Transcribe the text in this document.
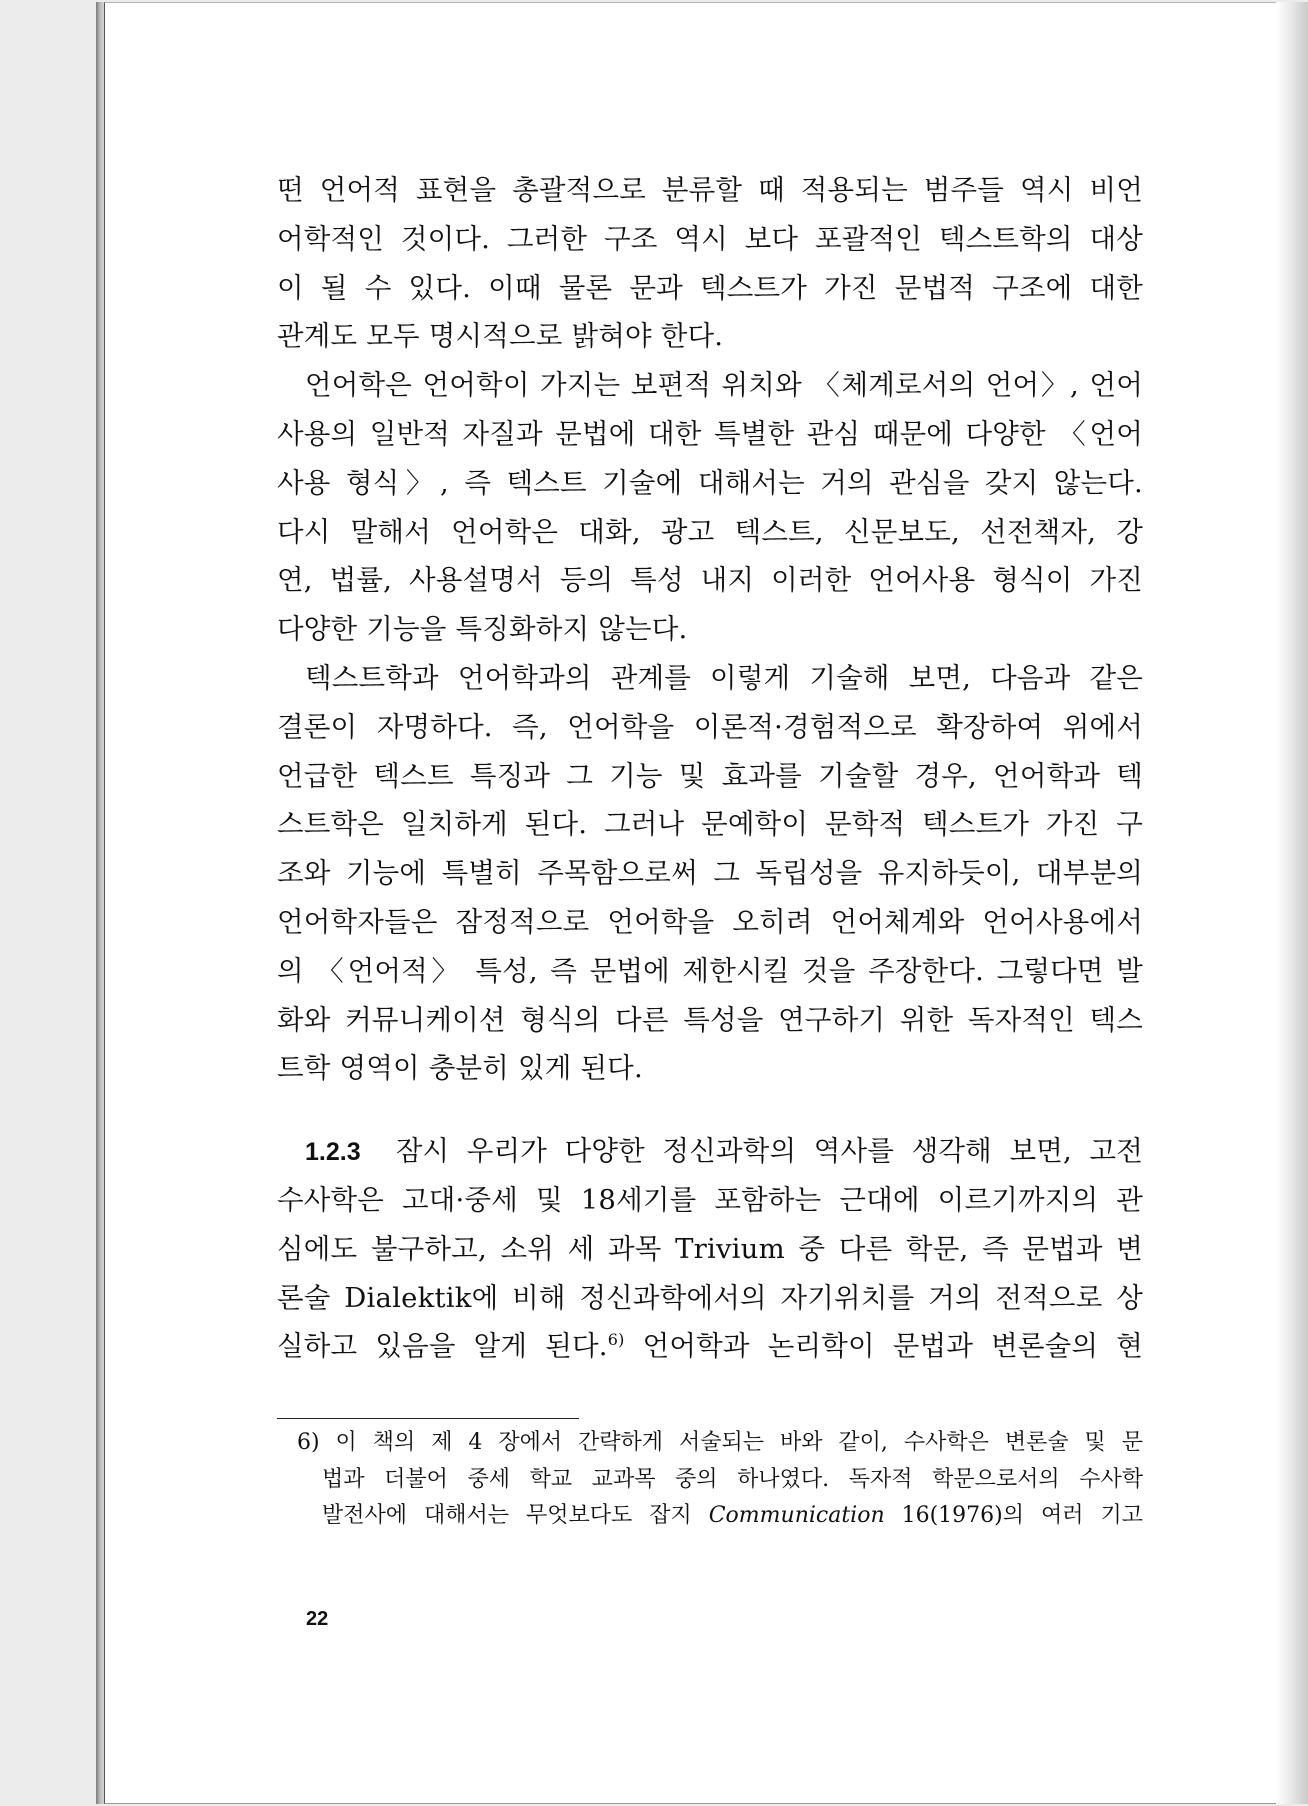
떤 언어적 표현을 총괄적으로 분류할 때 적용되는 범주들 역시 비언
어학적인 것이다. 그러한 구조 역시 보다 포괄적인 텍스트학의 대상
이 될 수 있다. 이때 물론 문과 텍스트가 가진 문법적 구조에 대한
관계도 모두 명시적으로 밝혀야 한다.
언어학은 언어학이 가지는 보편적 위치와 〈체계로서의 언어〉, 언어
사용의 일반적 자질과 문법에 대한 특별한 관심 때문에 다양한 〈언어
사용 형식〉, 즉 텍스트 기술에 대해서는 거의 관심을 갖지 않는다.
다시 말해서 언어학은 대화, 광고 텍스트, 신문보도, 선전책자, 강
연, 법률, 사용설명서 등의 특성 내지 이러한 언어사용 형식이 가진
다양한 기능을 특징화하지 않는다.
텍스트학과 언어학과의 관계를 이렇게 기술해 보면, 다음과 같은
결론이 자명하다. 즉, 언어학을 이론적·경험적으로 확장하여 위에서
언급한 텍스트 특징과 그 기능 및 효과를 기술할 경우, 언어학과 텍
스트학은 일치하게 된다. 그러나 문예학이 문학적 텍스트가 가진 구
조와 기능에 특별히 주목함으로써 그 독립성을 유지하듯이, 대부분의
언어학자들은 잠정적으로 언어학을 오히려 언어체계와 언어사용에서
의 〈언어적〉 특성, 즉 문법에 제한시킬 것을 주장한다. 그렇다면 발
화와 커뮤니케이션 형식의 다른 특성을 연구하기 위한 독자적인 텍스
트학 영역이 충분히 있게 된다.
1.2.3 잠시 우리가 다양한 정신과학의 역사를 생각해 보면, 고전
수사학은 고대·중세 및 18세기를 포함하는 근대에 이르기까지의 관
심에도 불구하고, 소위 세 과목 Trivium 중 다른 학문, 즉 문법과 변
론술 Dialektik에 비해 정신과학에서의 자기위치를 거의 전적으로 상
실하고 있음을 알게 된다.$^{6)}$ 언어학과 논리학이 문법과 변론술의 현
6) 이 책의 제 4 장에서 간략하게 서술되는 바와 같이, 수사학은 변론술 및 문
법과 더불어 중세 학교 교과목 중의 하나였다. 독자적 학문으로서의 수사학
발전사에 대해서는 무엇보다도 잡지 Communication 16(1976)의 여러 기고
22
